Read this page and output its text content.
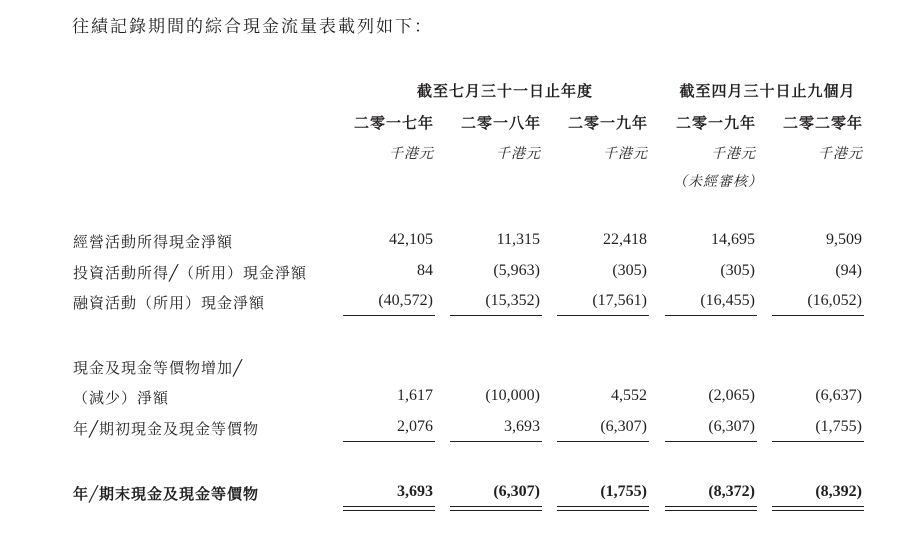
往績記錄期間的綜合現金流量表載列如下：
截至七月三十一日止年度	截至四月三十日止九個月
二零一七年	二零一八年	二零一九年	二零一九年	二零二零年
千港元	千港元	千港元	千港元	千港元
（未經審核）
經營活動所得現金淨額	42,105	11,315	22,418	14,695	9,509
投資活動所得╱（所用）現金淨額	84	(5,963)	(305)	(305)	(94)
融資活動（所用）現金淨額	(40,572)	(15,352)	(17,561)	(16,455)	(16,052)
現金及現金等價物增加╱
（減少）淨額	1,617	(10,000)	4,552	(2,065)	(6,637)
年╱期初現金及現金等價物	2,076	3,693	(6,307)	(6,307)	(1,755)
年╱期末現金及現金等價物	3,693	(6,307)	(1,755)	(8,372)	(8,392)
